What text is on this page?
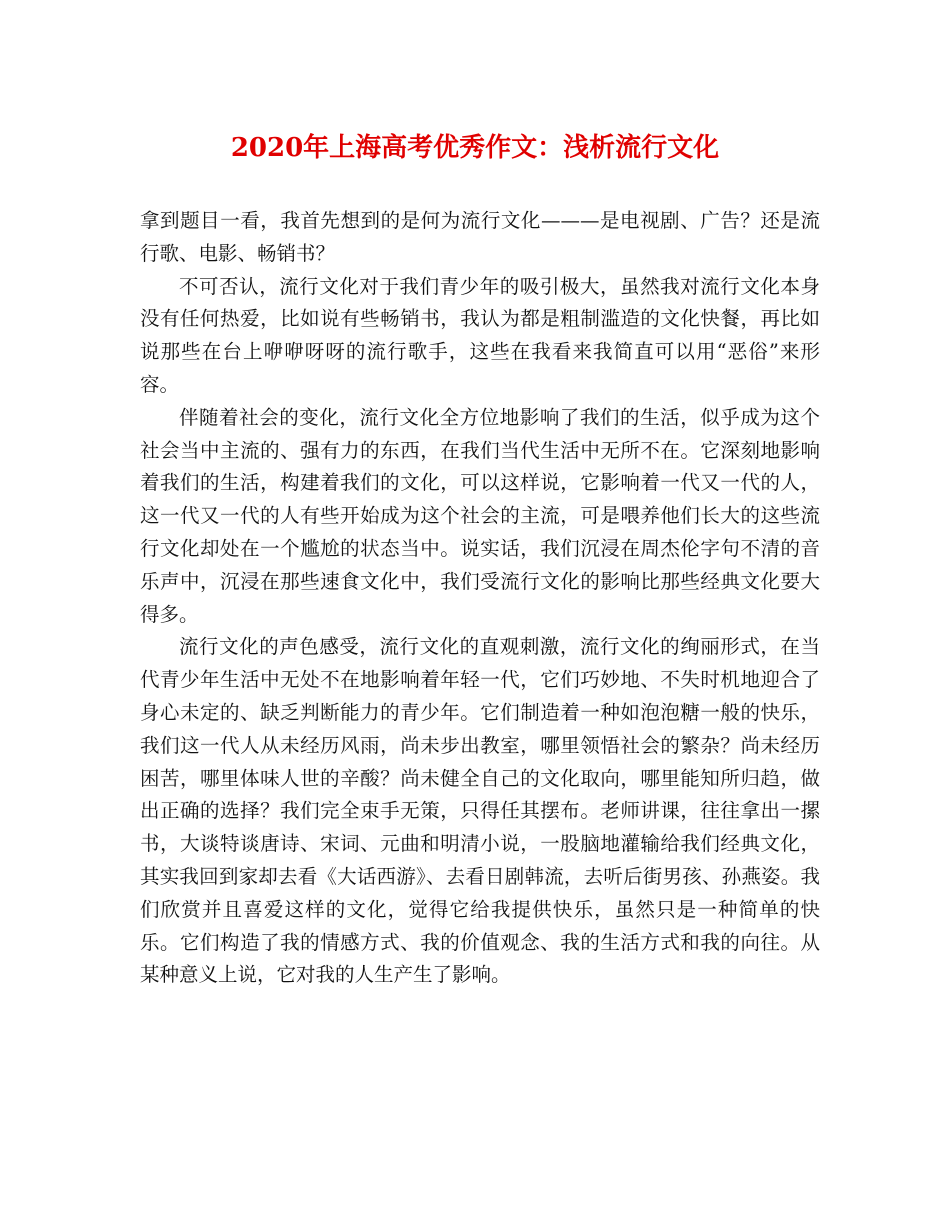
2020年上海高考优秀作文：浅析流行文化

拿到题目一看，我首先想到的是何为流行文化———是电视剧、广告？还是流行歌、电影、畅销书？

不可否认，流行文化对于我们青少年的吸引极大，虽然我对流行文化本身没有任何热爱，比如说有些畅销书，我认为都是粗制滥造的文化快餐，再比如说那些在台上咿咿呀呀的流行歌手，这些在我看来我简直可以用“恶俗”来形容。

伴随着社会的变化，流行文化全方位地影响了我们的生活，似乎成为这个社会当中主流的、强有力的东西，在我们当代生活中无所不在。它深刻地影响着我们的生活，构建着我们的文化，可以这样说，它影响着一代又一代的人，这一代又一代的人有些开始成为这个社会的主流，可是喂养他们长大的这些流行文化却处在一个尴尬的状态当中。说实话，我们沉浸在周杰伦字句不清的音乐声中，沉浸在那些速食文化中，我们受流行文化的影响比那些经典文化要大得多。

流行文化的声色感受，流行文化的直观刺激，流行文化的绚丽形式，在当代青少年生活中无处不在地影响着年轻一代，它们巧妙地、不失时机地迎合了身心未定的、缺乏判断能力的青少年。它们制造着一种如泡泡糖一般的快乐，我们这一代人从未经历风雨，尚未步出教室，哪里领悟社会的繁杂？尚未经历困苦，哪里体味人世的辛酸？尚未健全自己的文化取向，哪里能知所归趋，做出正确的选择？我们完全束手无策，只得任其摆布。老师讲课，往往拿出一摞书，大谈特谈唐诗、宋词、元曲和明清小说，一股脑地灌输给我们经典文化，其实我回到家却去看《大话西游》、去看日剧韩流，去听后街男孩、孙燕姿。我们欣赏并且喜爱这样的文化，觉得它给我提供快乐，虽然只是一种简单的快乐。它们构造了我的情感方式、我的价值观念、我的生活方式和我的向往。从某种意义上说，它对我的人生产生了影响。
